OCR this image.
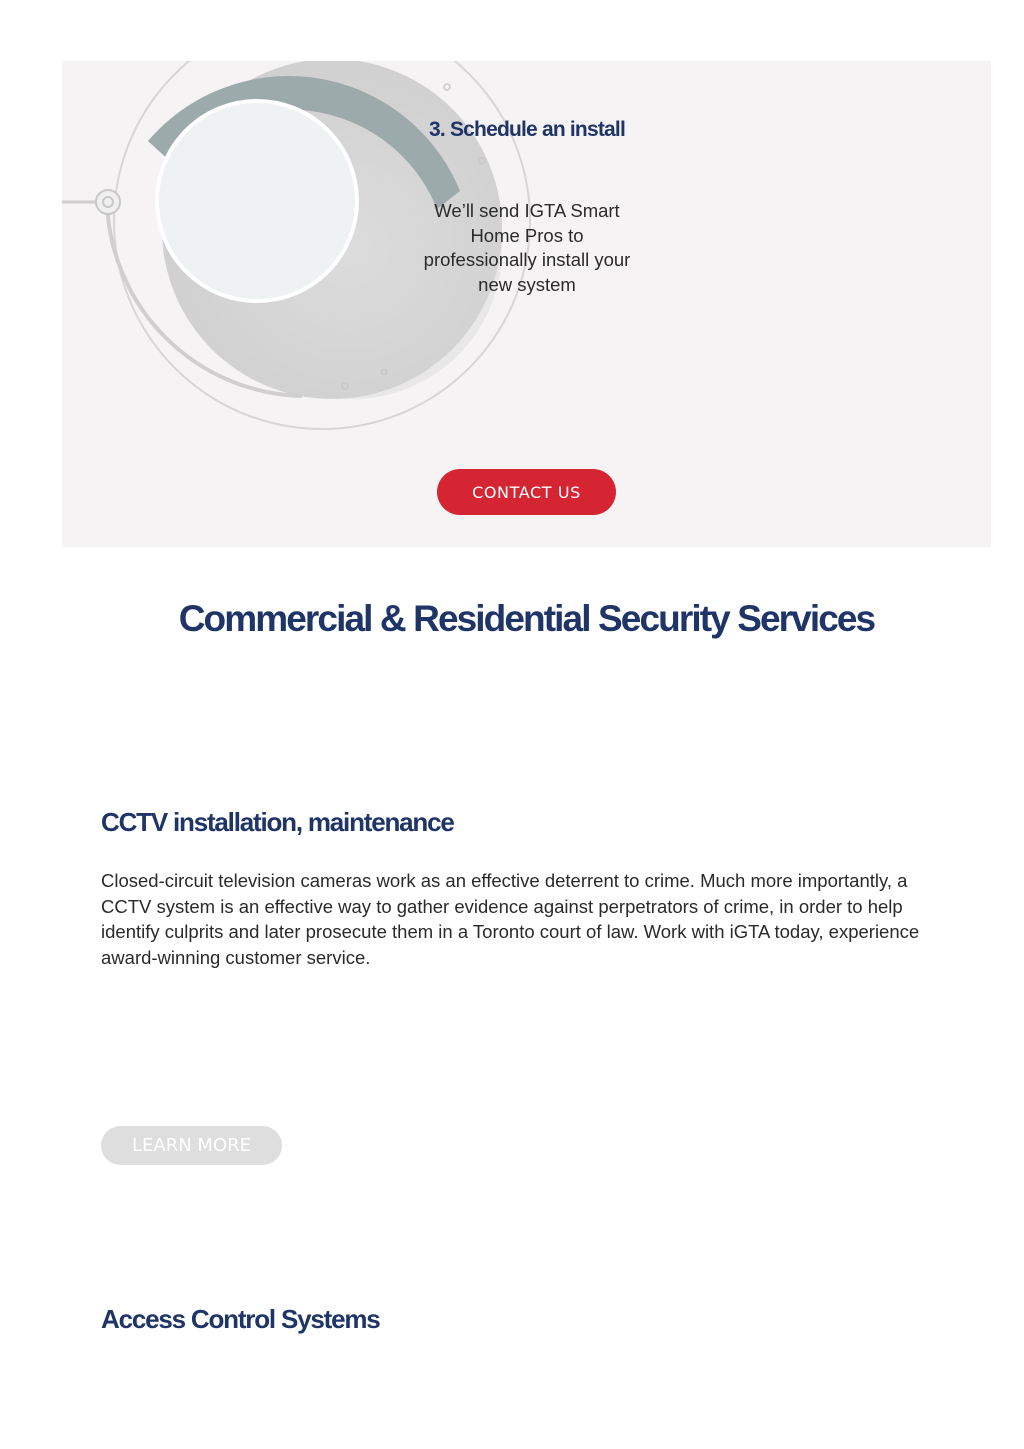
3. Schedule an install

We’ll send IGTA Smart Home Pros to professionally install your new system

CONTACT US
Commercial & Residential Security Services
CCTV installation, maintenance

Closed-circuit television cameras work as an effective deterrent to crime. Much more importantly, a CCTV system is an effective way to gather evidence against perpetrators of crime, in order to help identify culprits and later prosecute them in a Toronto court of law. Work with iGTA today, experience award-winning customer service.

LEARN MORE
Access Control Systems
